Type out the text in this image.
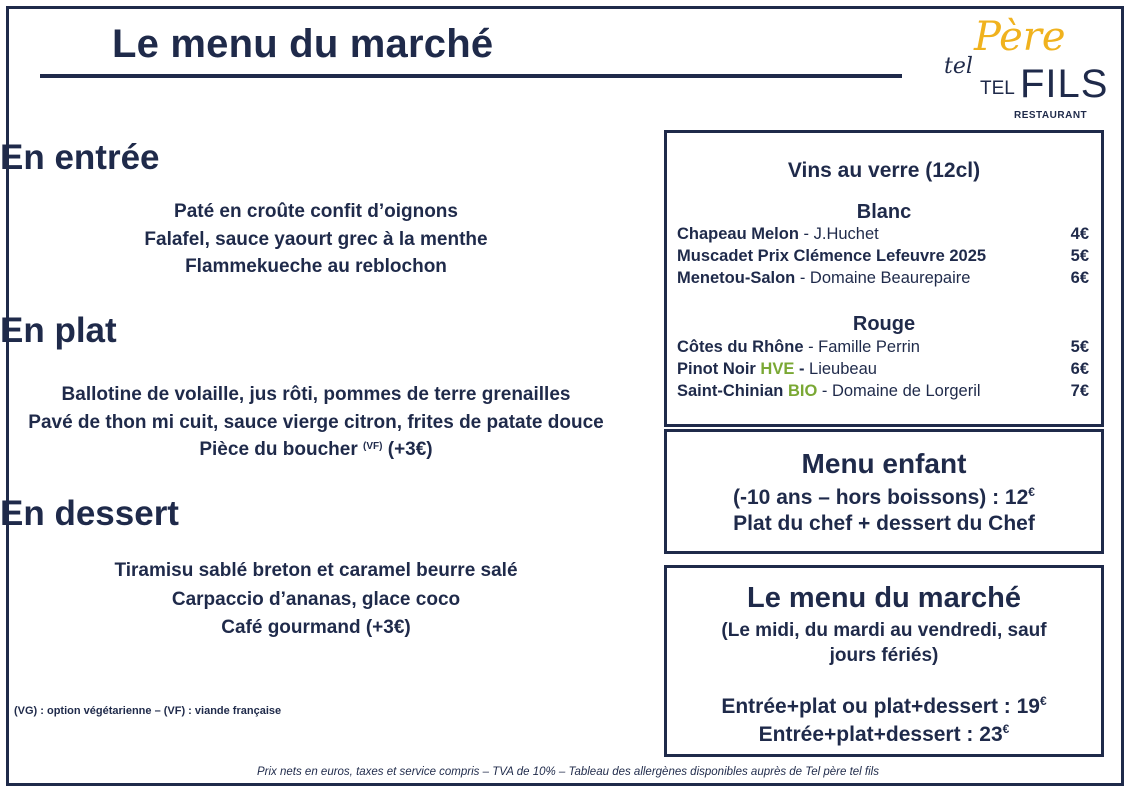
Le menu du marché
tel
Père
TEL FILS
RESTAURANT
En entrée
Paté en croûte confit d’oignons
Falafel, sauce yaourt grec à la menthe
Flammekueche au reblochon
En plat
Ballotine de volaille, jus rôti, pommes de terre grenailles
Pavé de thon mi cuit, sauce vierge citron, frites de patate douce
Pièce du boucher $^{(VF)}$ (+3€)
En dessert
Tiramisu sablé breton et caramel beurre salé
Carpaccio d’ananas, glace coco
Café gourmand (+3€)
(VG) : option végétarienne – (VF) : viande française
Vins au verre (12cl)
Blanc
Chapeau Melon - J.Huchet	4€
Muscadet Prix Clémence Lefeuvre 2025	5€
Menetou-Salon - Domaine Beaurepaire	6€
Rouge
Côtes du Rhône - Famille Perrin	5€
Pinot Noir HVE - Lieubeau	6€
Saint-Chinian BIO - Domaine de Lorgeril	7€
Menu enfant
(-10 ans – hors boissons) : 12€
Plat du chef + dessert du Chef
Le menu du marché
(Le midi, du mardi au vendredi, sauf
jours fériés)
Entrée+plat ou plat+dessert : 19€
Entrée+plat+dessert : 23€
Prix nets en euros, taxes et service compris – TVA de 10% – Tableau des allergènes disponibles auprès de Tel père tel fils
